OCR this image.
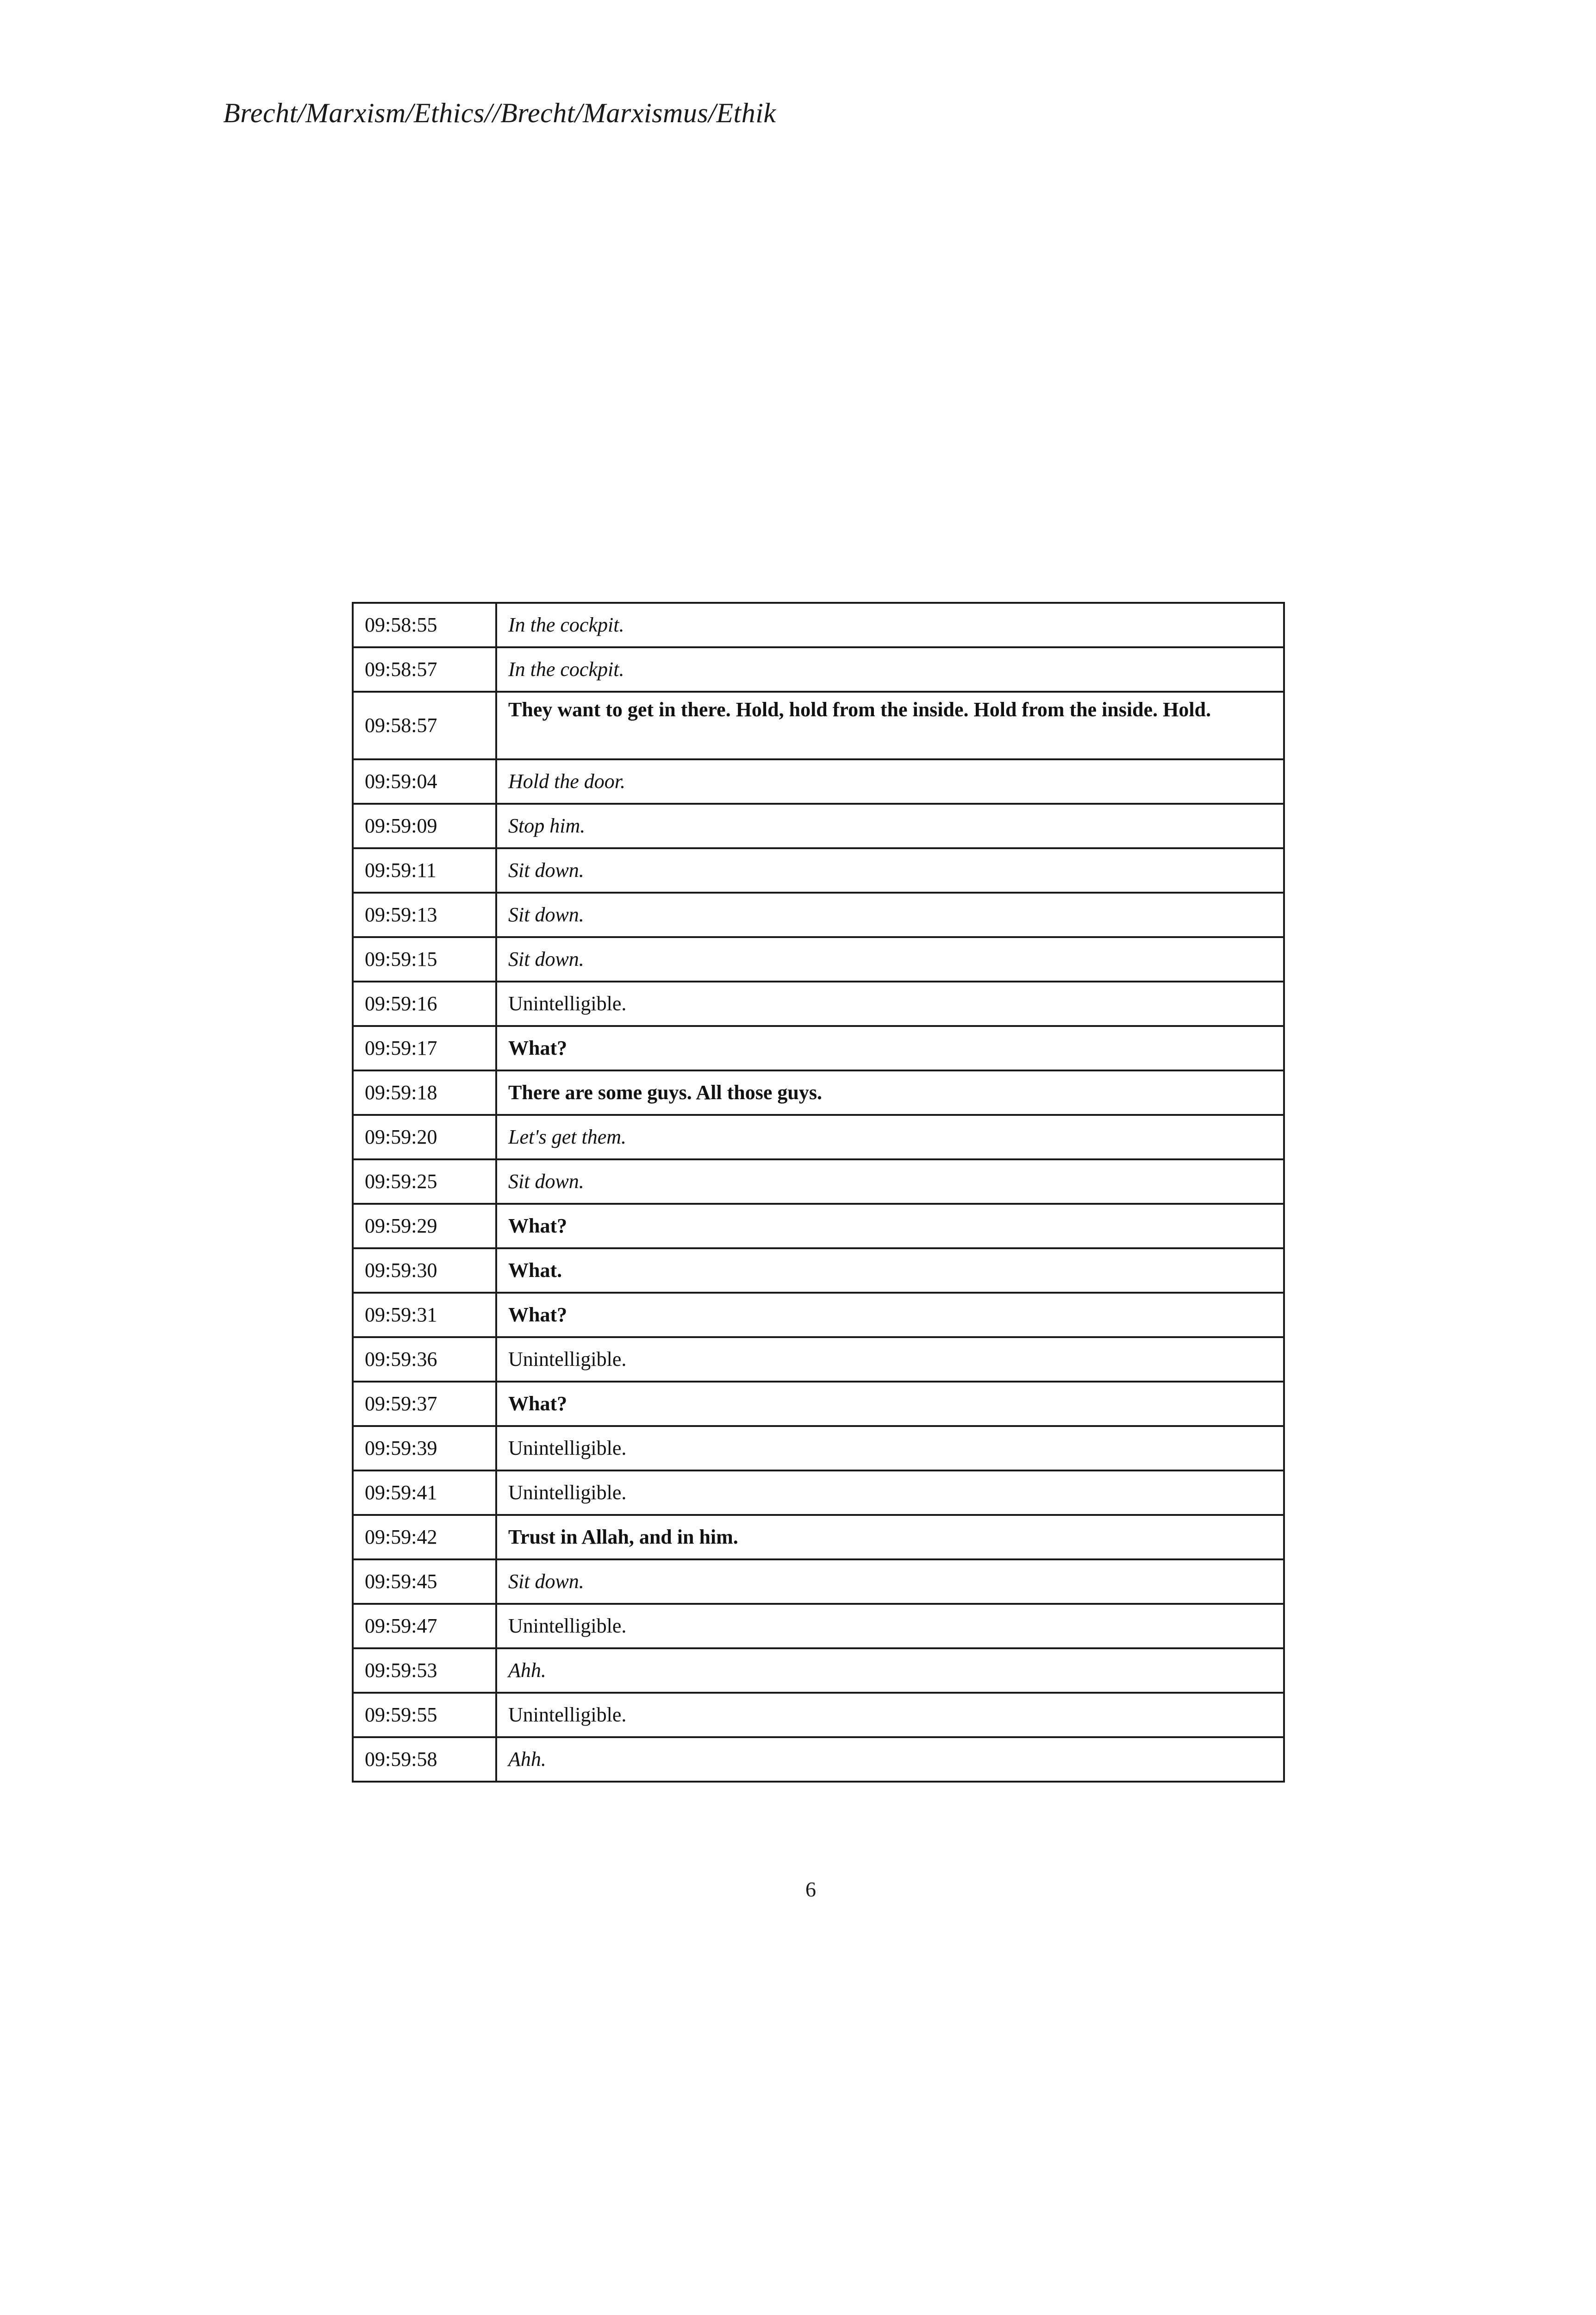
Brecht/Marxism/Ethics//Brecht/Marxismus/Ethik
09:58:55	In the cockpit.
09:58:57	In the cockpit.
09:58:57	They want to get in there. Hold, hold from the inside. Hold from the inside. Hold.
09:59:04	Hold the door.
09:59:09	Stop him.
09:59:11	Sit down.
09:59:13	Sit down.
09:59:15	Sit down.
09:59:16	Unintelligible.
09:59:17	What?
09:59:18	There are some guys. All those guys.
09:59:20	Let's get them.
09:59:25	Sit down.
09:59:29	What?
09:59:30	What.
09:59:31	What?
09:59:36	Unintelligible.
09:59:37	What?
09:59:39	Unintelligible.
09:59:41	Unintelligible.
09:59:42	Trust in Allah, and in him.
09:59:45	Sit down.
09:59:47	Unintelligible.
09:59:53	Ahh.
09:59:55	Unintelligible.
09:59:58	Ahh.
6
